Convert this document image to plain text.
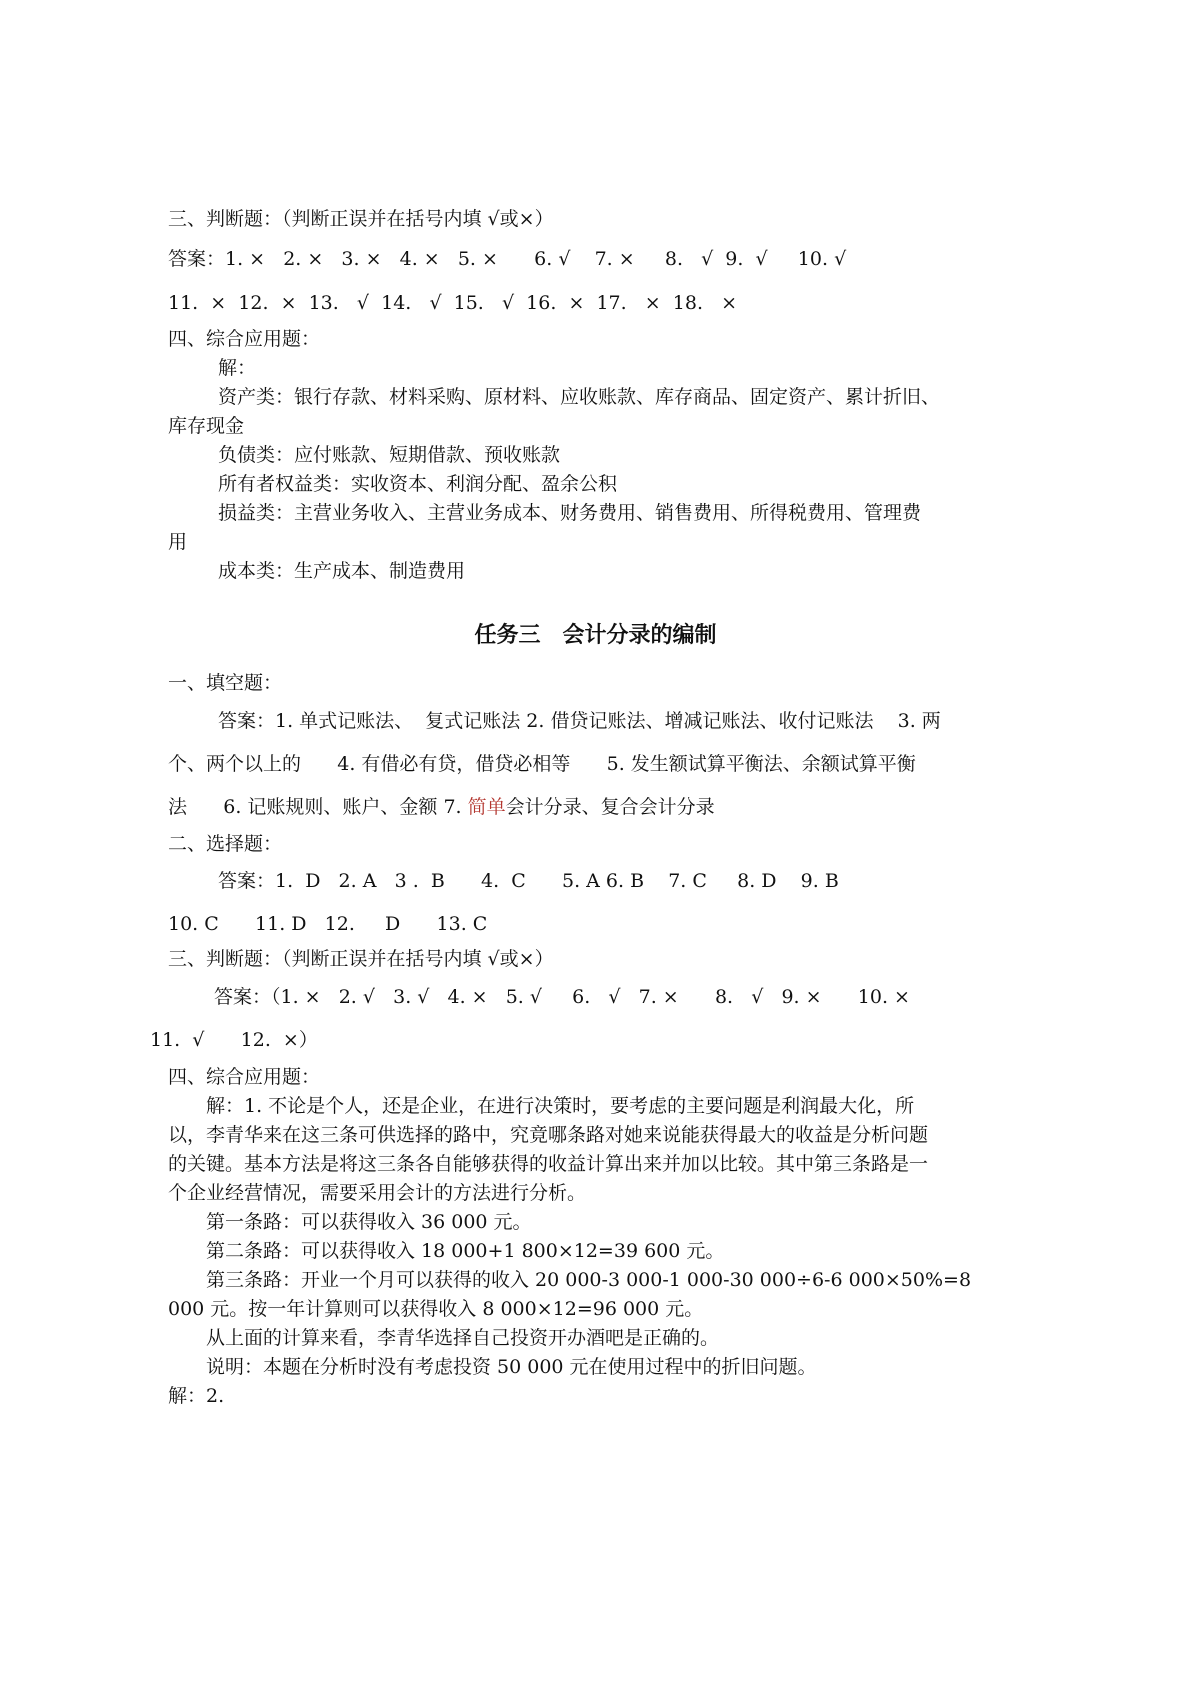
三、判断题：（判断正误并在括号内填 √或×）

答案：1. ×   2. ×   3. ×   4. ×   5. ×      6. √    7. ×     8.   √  9.  √     10. √

11.  ×  12.  ×  13.   √  14.   √  15.   √  16.  ×  17.   ×  18.   ×

四、综合应用题：

解：

资产类：银行存款、材料采购、原材料、应收账款、库存商品、固定资产、累计折旧、

库存现金

负债类：应付账款、短期借款、预收账款

所有者权益类：实收资本、利润分配、盈余公积

损益类：主营业务收入、主营业务成本、财务费用、销售费用、所得税费用、管理费

用

成本类：生产成本、制造费用

任务三　会计分录的编制

一、填空题：

答案：1. 单式记账法、  复式记账法 2. 借贷记账法、增减记账法、收付记账法    3. 两

个、两个以上的      4. 有借必有贷，借贷必相等      5. 发生额试算平衡法、余额试算平衡

法      6. 记账规则、账户、金额 7. 简单会计分录、复合会计分录

二、选择题：

答案：1.  D   2. A   3 .  B      4.  C      5. A 6. B    7. C     8. D    9. B

10. C      11. D   12.     D      13. C

三、判断题：（判断正误并在括号内填 √或×）

答案：（1. ×   2. √   3. √   4. ×   5. √     6.   √   7. ×      8.   √   9. ×      10. ×

11.  √      12.  ×）

四、综合应用题：

解：1. 不论是个人，还是企业，在进行决策时，要考虑的主要问题是利润最大化，所

以，李青华来在这三条可供选择的路中，究竟哪条路对她来说能获得最大的收益是分析问题

的关键。基本方法是将这三条各自能够获得的收益计算出来并加以比较。其中第三条路是一

个企业经营情况，需要采用会计的方法进行分析。

第一条路：可以获得收入 36 000 元。

第二条路：可以获得收入 18 000+1 800×12=39 600 元。

第三条路：开业一个月可以获得的收入 20 000-3 000-1 000-30 000÷6-6 000×50%=8

000 元。按一年计算则可以获得收入 8 000×12=96 000 元。

从上面的计算来看，李青华选择自己投资开办酒吧是正确的。

说明：本题在分析时没有考虑投资 50 000 元在使用过程中的折旧问题。

解：2.
